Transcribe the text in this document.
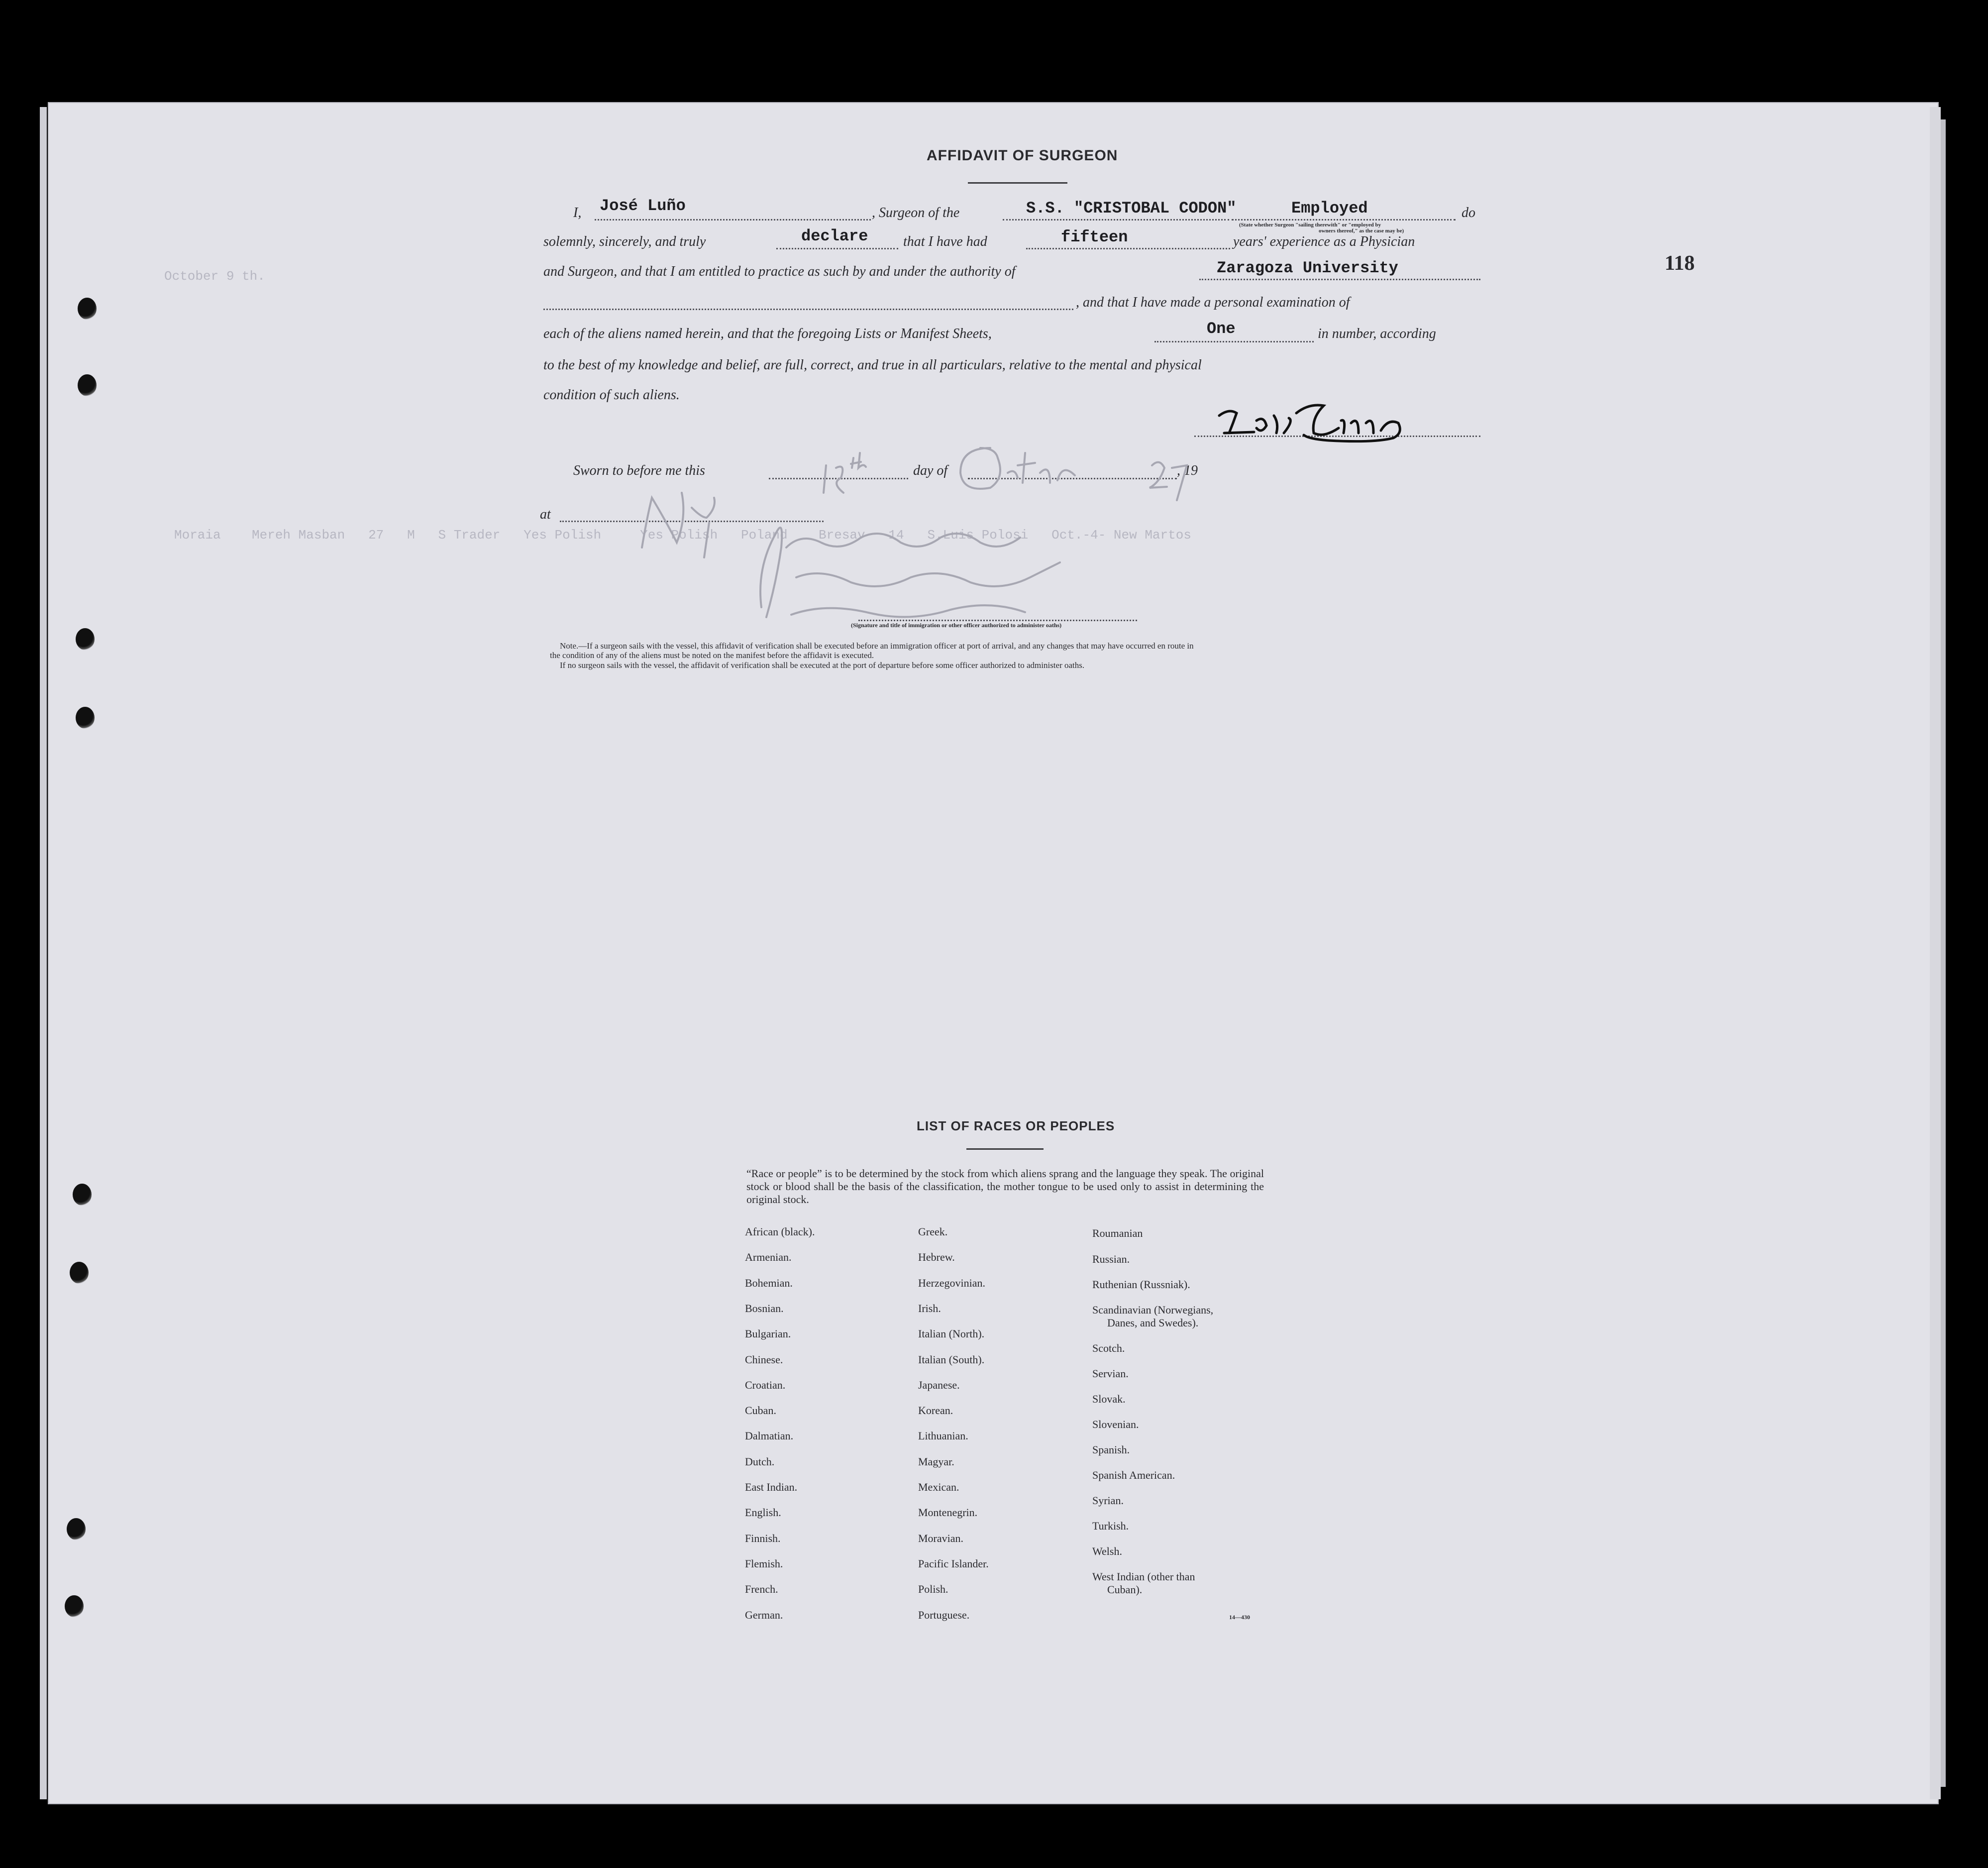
October 9 th.
Moraia    Mereh Masban   27   M   S Trader   Yes Polish     Yes Polish   Poland    Bresav   14   S.Luis Polosi   Oct.-4- New Martos
118
AFFIDAVIT OF SURGEON
I, José Luño	, Surgeon of the	S.S. "CRISTOBAL CODON"	Employed
(State whether Surgeon "sailing therewith" or "employed by
owners thereof," as the case may be)
do
solemnly, sincerely, and truly	declare	that I have had	fifteen	years' experience as a Physician
and Surgeon, and that I am entitled to practice as such by and under the authority of	Zaragoza University
, and that I have made a personal examination of
each of the aliens named herein, and that the foregoing Lists or Manifest Sheets,	One	in number, according
to the best of my knowledge and belief, are full, correct, and true in all particulars, relative to the mental and physical
condition of such aliens.
Sworn to before me this	day of	, 19
at
(Signature and title of immigration or other officer authorized to administer oaths)
Note.—If a surgeon sails with the vessel, this affidavit of verification shall be executed before an immigration officer at port of arrival, and any changes that may have occurred en route in
the condition of any of the aliens must be noted on the manifest before the affidavit is executed.
If no surgeon sails with the vessel, the affidavit of verification shall be executed at the port of departure before some officer authorized to administer oaths.
LIST OF RACES OR PEOPLES
“Race or people” is to be determined by the stock from which aliens sprang and the language they speak. The original stock or blood shall be the basis of the classification, the mother tongue to be used only to assist in determining the original stock.
African (black).
Armenian.
Bohemian.
Bosnian.
Bulgarian.
Chinese.
Croatian.
Cuban.
Dalmatian.
Dutch.
East Indian.
English.
Finnish.
Flemish.
French.
German.
Greek.
Hebrew.
Herzegovinian.
Irish.
Italian (North).
Italian (South).
Japanese.
Korean.
Lithuanian.
Magyar.
Mexican.
Montenegrin.
Moravian.
Pacific Islander.
Polish.
Portuguese.
Roumanian
Russian.
Ruthenian (Russniak).
Scandinavian (Norwegians,
Danes, and Swedes).
Scotch.
Servian.
Slovak.
Slovenian.
Spanish.
Spanish American.
Syrian.
Turkish.
Welsh.
West Indian (other than
Cuban).
14—430
